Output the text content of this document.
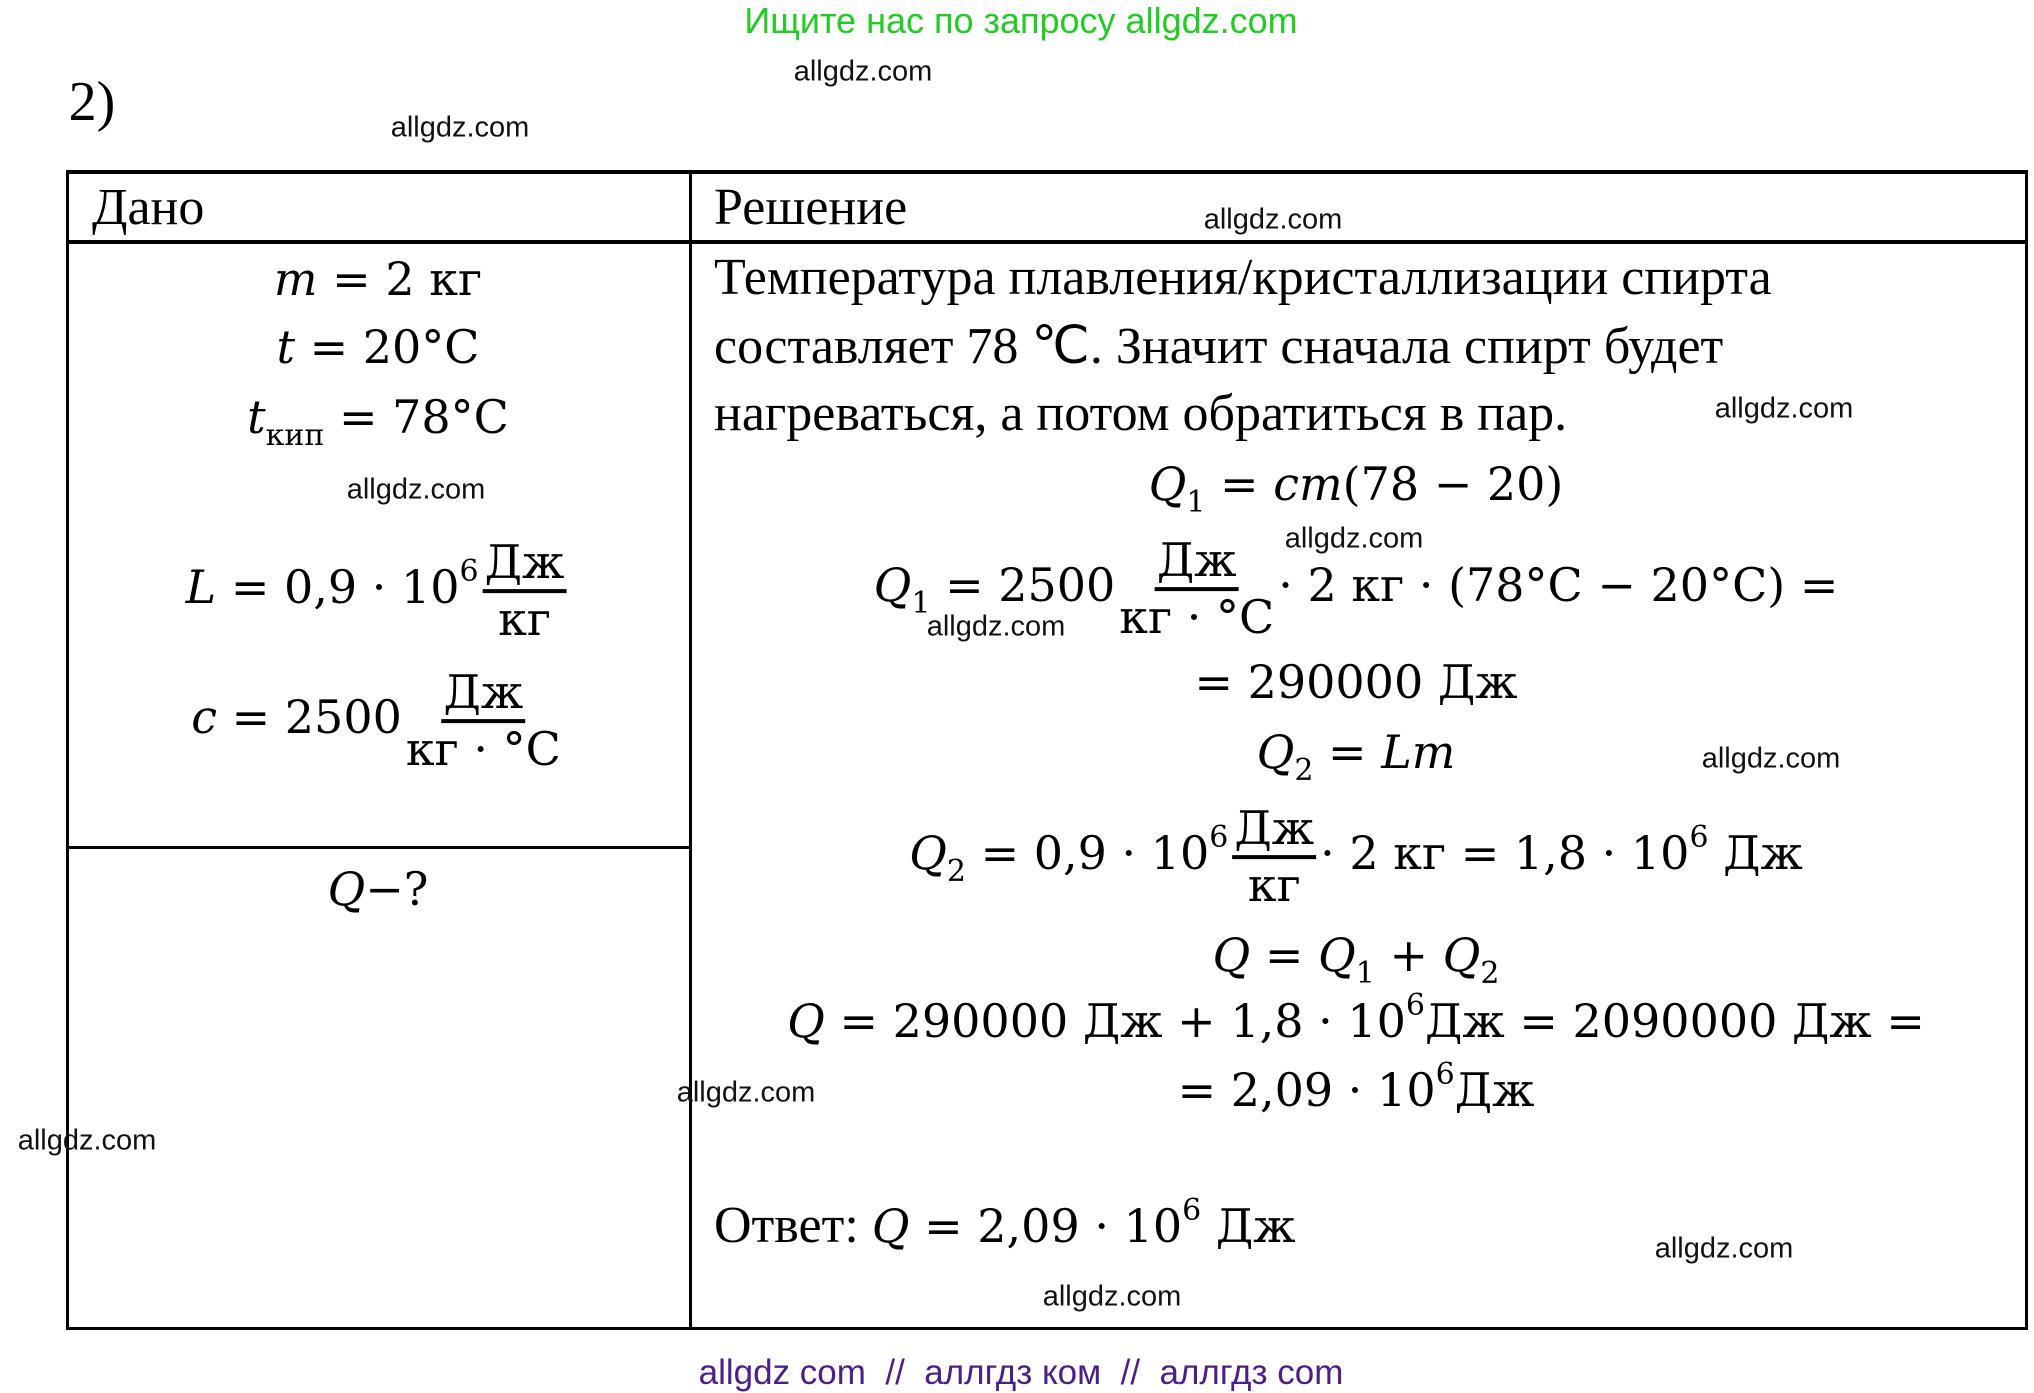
Ищите нас по запросу allgdz.com
2)
Дано	Решение
m = 2 кг
t = 20°C
$t_{кип} = 78^\circ C$
$L = 0,9 \cdot 10^6 \frac{Дж}{кг}$
$c = 2500 \frac{Дж}{кг \cdot ^\circ C}$
Q−?
Температура плавления/кристаллизации спирта
составляет 78 ℃. Значит сначала спирт будет
нагреваться, а потом обратиться в пар.
$Q_1 = cm(78 - 20)$
$Q_1 = 2500 \frac{Дж}{кг \cdot ^\circ C} \cdot 2$ кг · (78°C − 20°C) =
= 290000 Дж
$Q_2 = Lm$
$Q_2 = 0,9 \cdot 10^6 \frac{Дж}{кг} \cdot 2$ кг = $1,8 \cdot 10^6$ Дж
$Q = Q_1 + Q_2$
Q = 290000 Дж + $1,8 \cdot 10^6Дж = 2090000$ Дж =
= $2,09 \cdot 10^6Дж$
Ответ: $Q = 2,09 \cdot 10^6$ Дж
allgdz.com
allgdz.com
allgdz.com
allgdz.com
allgdz.com
allgdz.com
allgdz.com
allgdz.com
allgdz.com
allgdz.com
allgdz.com
allgdz.com
allgdz com  //  аллгдз ком  //  аллгдз com
